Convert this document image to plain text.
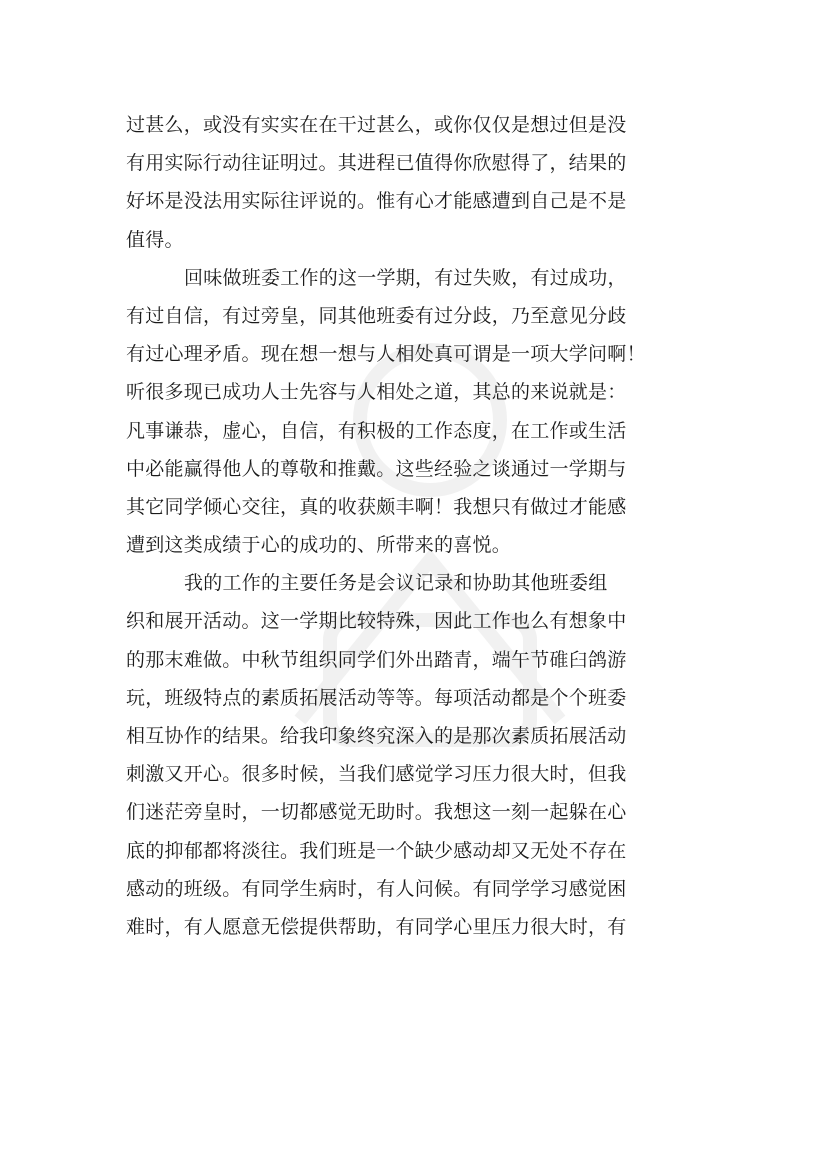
过甚么，或没有实实在在干过甚么，或你仅仅是想过但是没
有用实际行动往证明过。其进程已值得你欣慰得了，结果的
好坏是没法用实际往评说的。惟有心才能感遭到自己是不是
值得。
回味做班委工作的这一学期，有过失败，有过成功，
有过自信，有过旁皇，同其他班委有过分歧，乃至意见分歧
有过心理矛盾。现在想一想与人相处真可谓是一项大学问啊！
听很多现已成功人士先容与人相处之道，其总的来说就是：
凡事谦恭，虚心，自信，有积极的工作态度，在工作或生活
中必能赢得他人的尊敬和推戴。这些经验之谈通过一学期与
其它同学倾心交往，真的收获颇丰啊！我想只有做过才能感
遭到这类成绩于心的成功的、所带来的喜悦。
我的工作的主要任务是会议记录和协助其他班委组
织和展开活动。这一学期比较特殊，因此工作也么有想象中
的那末难做。中秋节组织同学们外出踏青，端午节碓臼鸽游
玩，班级特点的素质拓展活动等等。每项活动都是个个班委
相互协作的结果。给我印象终究深入的是那次素质拓展活动
刺激又开心。很多时候，当我们感觉学习压力很大时，但我
们迷茫旁皇时，一切都感觉无助时。我想这一刻一起躲在心
底的抑郁都将淡往。我们班是一个缺少感动却又无处不存在
感动的班级。有同学生病时，有人问候。有同学学习感觉困
难时，有人愿意无偿提供帮助，有同学心里压力很大时，有
